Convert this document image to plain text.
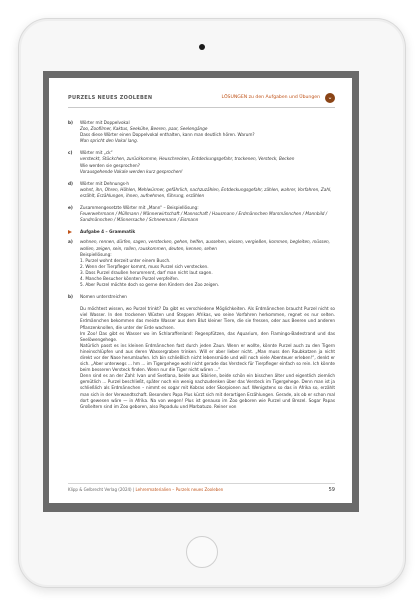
PURZELS NEUES ZOOLEBEN	LÖSUNGEN zu den Aufgaben und Übungen	⌄
b) Wörter mit Doppelvokal
Zoo, Zoofilmer, Kaktus, Seekühe, Beeren, paar, Seelengänge
Dass diese Wörter einen Doppelvokal enthalten, kann man deutlich hören. Warum?
Man spricht den Vokal lang.
c) Wörter mit „ck“
versteckt, Stückchen, zurückkomme, Heuschrecken, Entdeckungsgefahr, trockenen, Versteck, Becken
Wie werden sie gesprochen?
Vorausgehende Vokale werden kurz gesprochen!
d) Wörter mit Dehnungs-h
wohnt, ihn, Ohren, Höhlen, Mehlwürmer, gefährlich, nachzuzählen, Entdeckungsgefahr, zählen, wahrer, Vorfahren, Zahl, erzählt, Erzählungen, ihnen, aufnehmen, führung, erzählen
e) Zusammengesetzte Wörter mit „Mann“ – Beispiellösung:
Feuerwehrmann / Müllmann / Männerwirtschaft / Mannschaft / Hausmann / Erdmännchen Marsmännchen / Mannbild / Sandmännchen / Männersache / Schneemann / Eismann
Aufgabe 4 – Grammatik
a) wohnen, rennen, dürfen, sagen, verstecken, gehen, helfen, aussehen, wissen, vergießen, kommen, begleiten, müssen, wollen, zeigen, sein, rollen, rauskommen, deuten, kennen, sehen
Beispiellösung:
1. Purzel wohnt derzeit unter einem Busch.
2. Wenn der Tierpfleger kommt, muss Purzel sich verstecken.
3. Dass Purzel draußen herumrennt, darf man nicht laut sagen.
4. Manche Besucher könnten Purzel verpfeifen.
5. Aber Purzel möchte doch so gerne den Kindern den Zoo zeigen.
b) Nomen unterstreichen
Du möchtest wissen, wo Purzel trinkt? Da gibt es verschiedene Möglichkeiten. Als Erdmännchen braucht Purzel nicht so viel Wasser. In den trockenen Wüsten und Steppen Afrikas, wo seine Vorfahren herkommen, regnet es nur selten. Erdmännchen bekommen das meiste Wasser aus dem Blut kleiner Tiere, die sie fressen, oder aus Beeren und anderen Pflanzenknollen, die unter der Erde wachsen.
Im Zoo! Das gibt es Wasser wo im Schlaraffenland: Regenpfützen, das Aquarium, den Flamingo-Badestrand und das Seelöwengehege.
Natürlich passt es ins kleinen Erdmännchen fast durch jeden Zaun. Wenn er wollte, könnte Purzel auch zu den Tigern hineinschlüpfen und aus deren Wassergraben trinken. Will er aber lieber nicht. „Man muss den Raubkatzen ja nicht direkt vor der Nase herumlaufen. Ich bin schließlich nicht lebensmüde und will noch viele Abenteuer erleben!“, denkt er sich. „Aber unterwegs ... hm ... im Tigergehege wohl nicht gerade das Versteck für Tierpfleger einfach so rein. Ich könnte beim besseren Versteck finden. Wenn nur die Tiger nicht wären ...“
Denn sind es an der Zahl: Ivan und Svetlana, beide aus Sibirien, beide schön ein bisschen älter und eigentlich ziemlich gemütlich ... Purzel beschließt, später noch ein wenig nachzudenken über das Versteck im Tigergehege. Denn man ist ja schließlich als Erdmännchen – nimmt es sogar mit Kobras oder Skorpionen auf. Wenigstens so das in Afrika so, erzählt man sich in der Verwandtschaft. Besonders Papa Plus kürzt sich mit derartigen Erzählungen. Gerade, als ob er schon mal dort gewesen wäre — in Afrika. Na von wegen! Plus ist genauso im Zoo geboren wie Purzel und Brezel. Sogar Papas Großeltern sind im Zoo geboren, also Papadulu und Marbatuzo. Reiner von
Klipp & Gelbrecht Verlag (2024) | Lehrermaterialien – Purzels neues Zooleben	59
